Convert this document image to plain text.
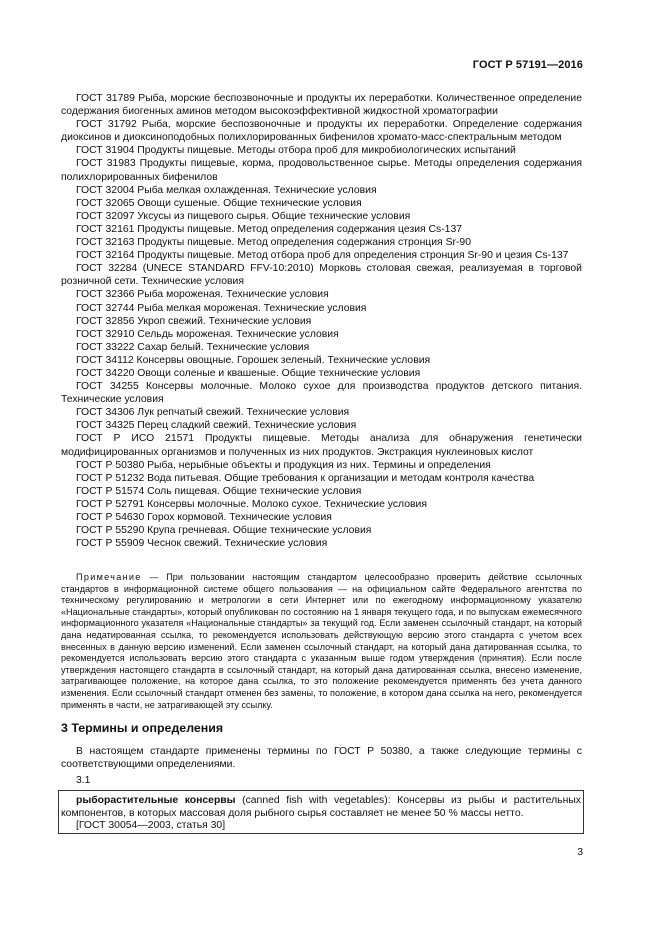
ГОСТ Р 57191—2016
ГОСТ 31789 Рыба, морские беспозвоночные и продукты их переработки. Количественное определение содержания биогенных аминов методом высокоэффективной жидкостной хроматографии
ГОСТ 31792 Рыба, морские беспозвоночные и продукты их переработки. Определение содержания диоксинов и диоксиноподобных полихлорированных бифенилов хромато-масс-спектральным методом
ГОСТ 31904 Продукты пищевые. Методы отбора проб для микробиологических испытаний
ГОСТ 31983 Продукты пищевые, корма, продовольственное сырье. Методы определения содержания полихлорированных бифенилов
ГОСТ 32004 Рыба мелкая охлажденная. Технические условия
ГОСТ 32065 Овощи сушеные. Общие технические условия
ГОСТ 32097 Уксусы из пищевого сырья. Общие технические условия
ГОСТ 32161 Продукты пищевые. Метод определения содержания цезия Cs-137
ГОСТ 32163 Продукты пищевые. Метод определения содержания стронция Sr-90
ГОСТ 32164 Продукты пищевые. Метод отбора проб для определения стронция Sr-90 и цезия Cs-137
ГОСТ 32284 (UNECE STANDARD FFV-10:2010) Морковь столовая свежая, реализуемая в торговой розничной сети. Технические условия
ГОСТ 32366 Рыба мороженая. Технические условия
ГОСТ 32744 Рыба мелкая мороженая. Технические условия
ГОСТ 32856 Укроп свежий. Технические условия
ГОСТ 32910 Сельдь мороженая. Технические условия
ГОСТ 33222 Сахар белый. Технические условия
ГОСТ 34112 Консервы овощные. Горошек зеленый. Технические условия
ГОСТ 34220 Овощи соленые и квашеные. Общие технические условия
ГОСТ 34255 Консервы молочные. Молоко сухое для производства продуктов детского питания. Технические условия
ГОСТ 34306 Лук репчатый свежий. Технические условия
ГОСТ 34325 Перец сладкий свежий. Технические условия
ГОСТ Р ИСО 21571 Продукты пищевые. Методы анализа для обнаружения генетически модифицированных организмов и полученных из них продуктов. Экстракция нуклеиновых кислот
ГОСТ Р 50380 Рыба, нерыбные объекты и продукция из них. Термины и определения
ГОСТ Р 51232 Вода питьевая. Общие требования к организации и методам контроля качества
ГОСТ Р 51574 Соль пищевая. Общие технические условия
ГОСТ Р 52791 Консервы молочные. Молоко сухое. Технические условия
ГОСТ Р 54630 Горох кормовой. Технические условия
ГОСТ Р 55290 Крупа гречневая. Общие технические условия
ГОСТ Р 55909 Чеснок свежий. Технические условия
Примечание — При пользовании настоящим стандартом целесообразно проверить действие ссылочных стандартов в информационной системе общего пользования — на официальном сайте Федерального агентства по техническому регулированию и метрологии в сети Интернет или по ежегодному информационному указателю «Национальные стандарты», который опубликован по состоянию на 1 января текущего года, и по выпускам ежемесячного информационного указателя «Национальные стандарты» за текущий год. Если заменен ссылочный стандарт, на который дана недатированная ссылка, то рекомендуется использовать действующую версию этого стандарта с учетом всех внесенных в данную версию изменений. Если заменен ссылочный стандарт, на который дана датированная ссылка, то рекомендуется использовать версию этого стандарта с указанным выше годом утверждения (принятия). Если после утверждения настоящего стандарта в ссылочный стандарт, на который дана датированная ссылка, внесено изменение, затрагивающее положение, на которое дана ссылка, то это положение рекомендуется применять без учета данного изменения. Если ссылочный стандарт отменен без замены, то положение, в котором дана ссылка на него, рекомендуется применять в части, не затрагивающей эту ссылку.
3 Термины и определения
В настоящем стандарте применены термины по ГОСТ Р 50380, а также следующие термины с соответствующими определениями.
3.1
рыборастительные консервы (canned fish with vegetables): Консервы из рыбы и растительных компонентов, в которых массовая доля рыбного сырья составляет не менее 50 % массы нетто.
[ГОСТ 30054—2003, статья 30]
3
